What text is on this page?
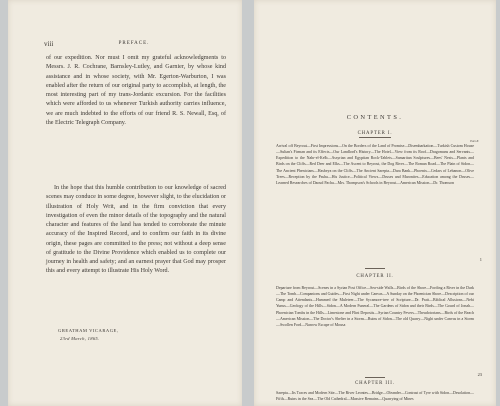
viii	PREFACE.

of our expedition. Nor must I omit my grateful acknowledgments to Messrs. J. R. Cochrane, Barnsley-Lutley, and Garnier, by whose kind assistance and in whose society, with Mr. Egerton-Warburton, I was enabled after the return of our original party to accomplish, at length, the most interesting part of my trans-Jordanic excursion. For the facilities which were afforded to us whenever Turkish authority carries influence, we are much indebted to the efforts of our friend R. S. Newall, Esq, of the Electric Telegraph Company.

In the hope that this humble contribution to our knowledge of sacred scenes may conduce in some degree, however slight, to the elucidation or illustration of Holy Writ, and in the firm conviction that every investigation of even the minor details of the topography and the natural character and features of the land has tended to corroborate the minute accuracy of the Inspired Record, and to confirm our faith in its divine origin, these pages are committed to the press; not without a deep sense of gratitude to the Divine Providence which enabled us to complete our journey in health and safety; and an earnest prayer that God may prosper this and every attempt to illustrate His Holy Word.

GREATHAM VICARAGE,
23rd March, 1865.
CONTENTS.
PAGE
CHAPTER I.
Arrival off Beyrout—First Impressions—On the Borders of the Land of Promise—Disembarkation—Turkish Custom House—Sultan's Firman and its Effects—Our Landlord's History—The Hotel—View from its Roof—Dragomans and Servants—Expedition to the Nahr-el-Kelb—Assyrian and Egyptian Rock-Tablets—Samaritan Sculptures—Bees' Nests—Plants and Birds on the Cliffs—Red Deer and Elks—The Ascent to Beyrout, the Dog River—The Roman Road—The Plain of Sidon—The Ancient Phenicians—Hasbeya on the Cliffs—The Ancient Sarepta—Dara Bank—Phoenix—Cedars of Lebanon—Olive Trees—Reception by the Pasha—His Justice—Political Views—Druses and Maronites—Education among the Druses—Learned Researches of Daoud Pacha—Mrs. Thompson's Schools in Beyrout—American Mission—Dr. Thomson
1
CHAPTER II.
Departure from Beyrout—Scenes in a Syrian Post Office—Sea-side Walls—Birds of the Shore—Fording a River in the Dark—The Tomb—Companions and Guides—First Night under Canvas—A Sunday on the Phoenician Shore—Description of our Camp and Attendants—Hammed the Muleteer—The Sycamore-tree of Scripture—Dr. Pratt—Biblical Allusions—Nebi Yunus—Geology of the Hills—Sidon—A Modern Funeral—The Gardens of Sidon and their Birds—The Gourd of Jonah—Phoenician Tombs in the Hills—Limestone and Flint Deposits—Syrian Country Fevers—Theudotorians—Birds of the Beach—American Mission—The Doctor's Shelter in a Storm—Ruins of Sidon—The old Quarry—Night under Canvas in a Storm—Swollen Ford—Narrow Escape of Mousa
23
CHAPTER III.
Sarepta—Its Traces and Modern Site—The River Leontes—Bridge—Oleander—Contrast of Tyre with Sidon—Desolation—Fifth—Ruins in the Sea—The Old Cathedral—Massive Remains—Quarrying of Mines
